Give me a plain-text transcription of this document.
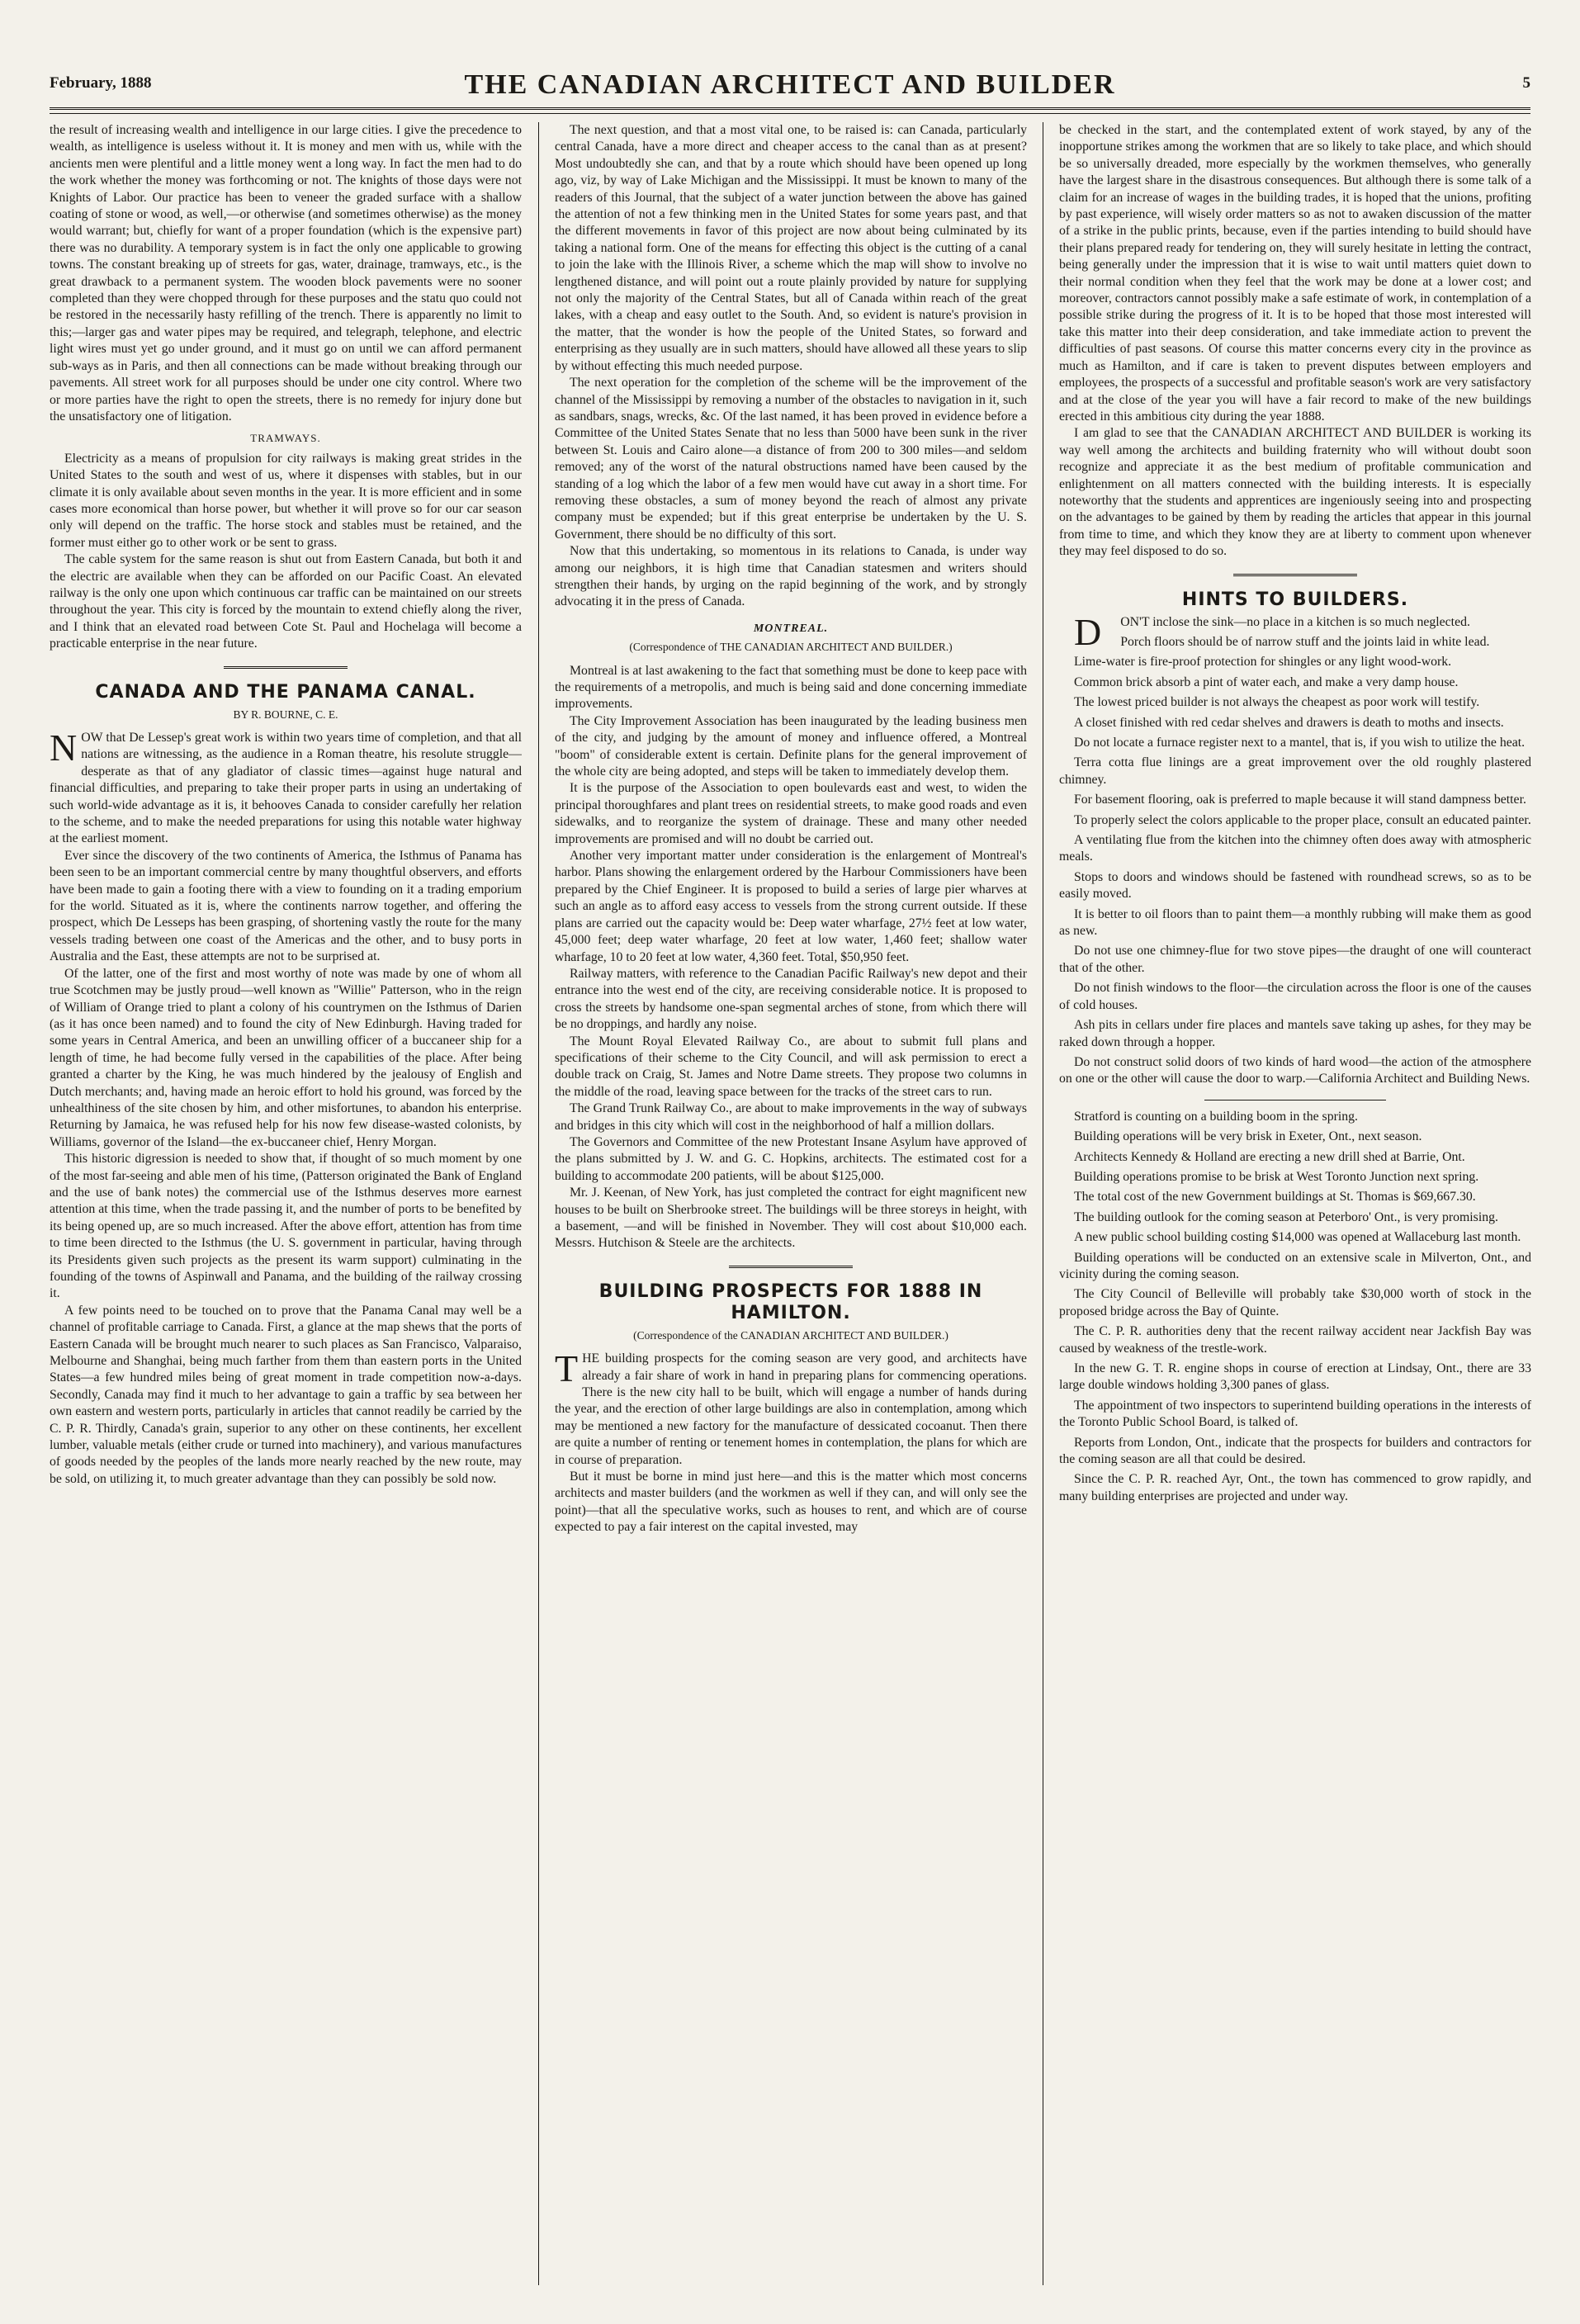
February, 1888	THE CANADIAN ARCHITECT AND BUILDER	5

the result of increasing wealth and intelligence in our large cities. I give the precedence to wealth, as intelligence is useless without it. It is money and men with us, while with the ancients men were plentiful and a little money went a long way. In fact the men had to do the work whether the money was forthcoming or not. The knights of those days were not Knights of Labor. Our practice has been to veneer the graded surface with a shallow coating of stone or wood, as well,—or otherwise (and sometimes otherwise) as the money would warrant; but, chiefly for want of a proper foundation (which is the expensive part) there was no durability. A temporary system is in fact the only one applicable to growing towns. The constant breaking up of streets for gas, water, drainage, tramways, etc., is the great drawback to a permanent system. The wooden block pavements were no sooner completed than they were chopped through for these purposes and the statu quo could not be restored in the necessarily hasty refilling of the trench. There is apparently no limit to this;—larger gas and water pipes may be required, and telegraph, telephone, and electric light wires must yet go under ground, and it must go on until we can afford permanent sub-ways as in Paris, and then all connections can be made without breaking through our pavements. All street work for all purposes should be under one city control. Where two or more parties have the right to open the streets, there is no remedy for injury done but the unsatisfactory one of litigation.

TRAMWAYS.

Electricity as a means of propulsion for city railways is making great strides in the United States to the south and west of us, where it dispenses with stables, but in our climate it is only available about seven months in the year. It is more efficient and in some cases more economical than horse power, but whether it will prove so for our car season only will depend on the traffic. The horse stock and stables must be retained, and the former must either go to other work or be sent to grass.

The cable system for the same reason is shut out from Eastern Canada, but both it and the electric are available when they can be afforded on our Pacific Coast. An elevated railway is the only one upon which continuous car traffic can be maintained on our streets throughout the year. This city is forced by the mountain to extend chiefly along the river, and I think that an elevated road between Cote St. Paul and Hochelaga will become a practicable enterprise in the near future.

CANADA AND THE PANAMA CANAL.
BY R. BOURNE, C. E.

NOW that De Lessep's great work is within two years time of completion, and that all nations are witnessing, as the audience in a Roman theatre, his resolute struggle—desperate as that of any gladiator of classic times—against huge natural and financial difficulties, and preparing to take their proper parts in using an undertaking of such world-wide advantage as it is, it behooves Canada to consider carefully her relation to the scheme, and to make the needed preparations for using this notable water highway at the earliest moment.

Ever since the discovery of the two continents of America, the Isthmus of Panama has been seen to be an important commercial centre by many thoughtful observers, and efforts have been made to gain a footing there with a view to founding on it a trading emporium for the world. Situated as it is, where the continents narrow together, and offering the prospect, which De Lesseps has been grasping, of shortening vastly the route for the many vessels trading between one coast of the Americas and the other, and to busy ports in Australia and the East, these attempts are not to be surprised at.

Of the latter, one of the first and most worthy of note was made by one of whom all true Scotchmen may be justly proud—well known as "Willie" Patterson, who in the reign of William of Orange tried to plant a colony of his countrymen on the Isthmus of Darien (as it has once been named) and to found the city of New Edinburgh. Having traded for some years in Central America, and been an unwilling officer of a buccaneer ship for a length of time, he had become fully versed in the capabilities of the place. After being granted a charter by the King, he was much hindered by the jealousy of English and Dutch merchants; and, having made an heroic effort to hold his ground, was forced by the unhealthiness of the site chosen by him, and other misfortunes, to abandon his enterprise. Returning by Jamaica, he was refused help for his now few disease-wasted colonists, by Williams, governor of the Island—the ex-buccaneer chief, Henry Morgan.

This historic digression is needed to show that, if thought of so much moment by one of the most far-seeing and able men of his time, (Patterson originated the Bank of England and the use of bank notes) the commercial use of the Isthmus deserves more earnest attention at this time, when the trade passing it, and the number of ports to be benefited by its being opened up, are so much increased. After the above effort, attention has from time to time been directed to the Isthmus (the U. S. government in particular, having through its Presidents given such projects as the present its warm support) culminating in the founding of the towns of Aspinwall and Panama, and the building of the railway crossing it.

A few points need to be touched on to prove that the Panama Canal may well be a channel of profitable carriage to Canada. First, a glance at the map shews that the ports of Eastern Canada will be brought much nearer to such places as San Francisco, Valparaiso, Melbourne and Shanghai, being much farther from them than eastern ports in the United States—a few hundred miles being of great moment in trade competition now-a-days. Secondly, Canada may find it much to her advantage to gain a traffic by sea between her own eastern and western ports, particularly in articles that cannot readily be carried by the C. P. R. Thirdly, Canada's grain, superior to any other on these continents, her excellent lumber, valuable metals (either crude or turned into machinery), and various manufactures of goods needed by the peoples of the lands more nearly reached by the new route, may be sold, on utilizing it, to much greater advantage than they can possibly be sold now.

The next question, and that a most vital one, to be raised is: can Canada, particularly central Canada, have a more direct and cheaper access to the canal than as at present? Most undoubtedly she can, and that by a route which should have been opened up long ago, viz, by way of Lake Michigan and the Mississippi. It must be known to many of the readers of this Journal, that the subject of a water junction between the above has gained the attention of not a few thinking men in the United States for some years past, and that the different movements in favor of this project are now about being culminated by its taking a national form. One of the means for effecting this object is the cutting of a canal to join the lake with the Illinois River, a scheme which the map will show to involve no lengthened distance, and will point out a route plainly provided by nature for supplying not only the majority of the Central States, but all of Canada within reach of the great lakes, with a cheap and easy outlet to the South. And, so evident is nature's provision in the matter, that the wonder is how the people of the United States, so forward and enterprising as they usually are in such matters, should have allowed all these years to slip by without effecting this much needed purpose.

The next operation for the completion of the scheme will be the improvement of the channel of the Mississippi by removing a number of the obstacles to navigation in it, such as sandbars, snags, wrecks, &c. Of the last named, it has been proved in evidence before a Committee of the United States Senate that no less than 5000 have been sunk in the river between St. Louis and Cairo alone—a distance of from 200 to 300 miles—and seldom removed; any of the worst of the natural obstructions named have been caused by the standing of a log which the labor of a few men would have cut away in a short time. For removing these obstacles, a sum of money beyond the reach of almost any private company must be expended; but if this great enterprise be undertaken by the U. S. Government, there should be no difficulty of this sort.

Now that this undertaking, so momentous in its relations to Canada, is under way among our neighbors, it is high time that Canadian statesmen and writers should strengthen their hands, by urging on the rapid beginning of the work, and by strongly advocating it in the press of Canada.

MONTREAL.
(Correspondence of THE CANADIAN ARCHITECT AND BUILDER.)

Montreal is at last awakening to the fact that something must be done to keep pace with the requirements of a metropolis, and much is being said and done concerning immediate improvements.

The City Improvement Association has been inaugurated by the leading business men of the city, and judging by the amount of money and influence offered, a Montreal "boom" of considerable extent is certain. Definite plans for the general improvement of the whole city are being adopted, and steps will be taken to immediately develop them.

It is the purpose of the Association to open boulevards east and west, to widen the principal thoroughfares and plant trees on residential streets, to make good roads and even sidewalks, and to reorganize the system of drainage. These and many other needed improvements are promised and will no doubt be carried out.

Another very important matter under consideration is the enlargement of Montreal's harbor. Plans showing the enlargement ordered by the Harbour Commissioners have been prepared by the Chief Engineer. It is proposed to build a series of large pier wharves at such an angle as to afford easy access to vessels from the strong current outside. If these plans are carried out the capacity would be: Deep water wharfage, 27½ feet at low water, 45,000 feet; deep water wharfage, 20 feet at low water, 1,460 feet; shallow water wharfage, 10 to 20 feet at low water, 4,360 feet. Total, $50,950 feet.

Railway matters, with reference to the Canadian Pacific Railway's new depot and their entrance into the west end of the city, are receiving considerable notice. It is proposed to cross the streets by handsome one-span segmental arches of stone, from which there will be no droppings, and hardly any noise.

The Mount Royal Elevated Railway Co., are about to submit full plans and specifications of their scheme to the City Council, and will ask permission to erect a double track on Craig, St. James and Notre Dame streets. They propose two columns in the middle of the road, leaving space between for the tracks of the street cars to run.

The Grand Trunk Railway Co., are about to make improvements in the way of subways and bridges in this city which will cost in the neighborhood of half a million dollars.

The Governors and Committee of the new Protestant Insane Asylum have approved of the plans submitted by J. W. and G. C. Hopkins, architects. The estimated cost for a building to accommodate 200 patients, will be about $125,000.

Mr. J. Keenan, of New York, has just completed the contract for eight magnificent new houses to be built on Sherbrooke street. The buildings will be three storeys in height, with a basement, —and will be finished in November. They will cost about $10,000 each. Messrs. Hutchison & Steele are the architects.

BUILDING PROSPECTS FOR 1888 IN HAMILTON.
(Correspondence of the CANADIAN ARCHITECT AND BUILDER.)

THE building prospects for the coming season are very good, and architects have already a fair share of work in hand in preparing plans for commencing operations. There is the new city hall to be built, which will engage a number of hands during the year, and the erection of other large buildings are also in contemplation, among which may be mentioned a new factory for the manufacture of dessicated cocoanut. Then there are quite a number of renting or tenement homes in contemplation, the plans for which are in course of preparation.

But it must be borne in mind just here—and this is the matter which most concerns architects and master builders (and the workmen as well if they can, and will only see the point)—that all the speculative works, such as houses to rent, and which are of course expected to pay a fair interest on the capital invested, may

be checked in the start, and the contemplated extent of work stayed, by any of the inopportune strikes among the workmen that are so likely to take place, and which should be so universally dreaded, more especially by the workmen themselves, who generally have the largest share in the disastrous consequences. But although there is some talk of a claim for an increase of wages in the building trades, it is hoped that the unions, profiting by past experience, will wisely order matters so as not to awaken discussion of the matter of a strike in the public prints, because, even if the parties intending to build should have their plans prepared ready for tendering on, they will surely hesitate in letting the contract, being generally under the impression that it is wise to wait until matters quiet down to their normal condition when they feel that the work may be done at a lower cost; and moreover, contractors cannot possibly make a safe estimate of work, in contemplation of a possible strike during the progress of it. It is to be hoped that those most interested will take this matter into their deep consideration, and take immediate action to prevent the difficulties of past seasons. Of course this matter concerns every city in the province as much as Hamilton, and if care is taken to prevent disputes between employers and employees, the prospects of a successful and profitable season's work are very satisfactory and at the close of the year you will have a fair record to make of the new buildings erected in this ambitious city during the year 1888.

I am glad to see that the CANADIAN ARCHITECT AND BUILDER is working its way well among the architects and building fraternity who will without doubt soon recognize and appreciate it as the best medium of profitable communication and enlightenment on all matters connected with the building interests. It is especially noteworthy that the students and apprentices are ingeniously seeing into and prospecting on the advantages to be gained by them by reading the articles that appear in this journal from time to time, and which they know they are at liberty to comment upon whenever they may feel disposed to do so.

HINTS TO BUILDERS.

D ON'T inclose the sink—no place in a kitchen is so much neglected.

Porch floors should be of narrow stuff and the joints laid in white lead.

Lime-water is fire-proof protection for shingles or any light wood-work.

Common brick absorb a pint of water each, and make a very damp house.

The lowest priced builder is not always the cheapest as poor work will testify.

A closet finished with red cedar shelves and drawers is death to moths and insects.

Do not locate a furnace register next to a mantel, that is, if you wish to utilize the heat.

Terra cotta flue linings are a great improvement over the old roughly plastered chimney.

For basement flooring, oak is preferred to maple because it will stand dampness better.

To properly select the colors applicable to the proper place, consult an educated painter.

A ventilating flue from the kitchen into the chimney often does away with atmospheric meals.

Stops to doors and windows should be fastened with roundhead screws, so as to be easily moved.

It is better to oil floors than to paint them—a monthly rubbing will make them as good as new.

Do not use one chimney-flue for two stove pipes—the draught of one will counteract that of the other.

Do not finish windows to the floor—the circulation across the floor is one of the causes of cold houses.

Ash pits in cellars under fire places and mantels save taking up ashes, for they may be raked down through a hopper.

Do not construct solid doors of two kinds of hard wood—the action of the atmosphere on one or the other will cause the door to warp.—California Architect and Building News.

Stratford is counting on a building boom in the spring.

Building operations will be very brisk in Exeter, Ont., next season.

Architects Kennedy & Holland are erecting a new drill shed at Barrie, Ont.

Building operations promise to be brisk at West Toronto Junction next spring.

The total cost of the new Government buildings at St. Thomas is $69,667.30.

The building outlook for the coming season at Peterboro' Ont., is very promising.

A new public school building costing $14,000 was opened at Wallaceburg last month.

Building operations will be conducted on an extensive scale in Milverton, Ont., and vicinity during the coming season.

The City Council of Belleville will probably take $30,000 worth of stock in the proposed bridge across the Bay of Quinte.

The C. P. R. authorities deny that the recent railway accident near Jackfish Bay was caused by weakness of the trestle-work.

In the new G. T. R. engine shops in course of erection at Lindsay, Ont., there are 33 large double windows holding 3,300 panes of glass.

The appointment of two inspectors to superintend building operations in the interests of the Toronto Public School Board, is talked of.

Reports from London, Ont., indicate that the prospects for builders and contractors for the coming season are all that could be desired.

Since the C. P. R. reached Ayr, Ont., the town has commenced to grow rapidly, and many building enterprises are projected and under way.
